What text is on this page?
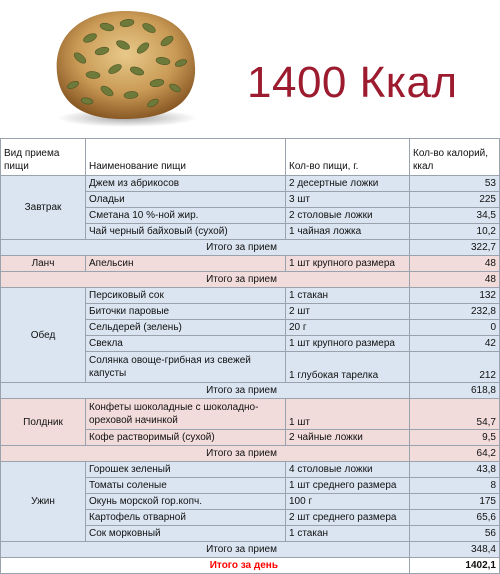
1400 Ккал
Вид приема пищи	Наименование пищи	Кол-во пищи, г.	Кол-во калорий, ккал
Завтрак	Джем из абрикосов	2 десертные ложки	53
	Оладьи	3 шт	225
	Сметана 10 %-ной жир.	2 столовые ложки	34,5
	Чай черный байховый (сухой)	1 чайная ложка	10,2
Итого за прием			322,7
Ланч	Апельсин	1 шт крупного размера	48
Итого за прием			48
Обед	Персиковый сок	1 стакан	132
	Биточки паровые	2 шт	232,8
	Сельдерей (зелень)	20 г	0
	Свекла	1 шт крупного размера	42
	Солянка овоще-грибная из свежей капусты	1 глубокая тарелка	212
Итого за прием			618,8
Полдник	Конфеты шоколадные с шоколадно-ореховой начинкой	1 шт	54,7
	Кофе растворимый (сухой)	2 чайные ложки	9,5
Итого за прием			64,2
Ужин	Горошек зеленый	4 столовые ложки	43,8
	Томаты соленые	1 шт среднего размера	8
	Окунь морской гор.копч.	100 г	175
	Картофель отварной	2 шт среднего размера	65,6
	Сок морковный	1 стакан	56
Итого за прием			348,4
Итого за день			1402,1
